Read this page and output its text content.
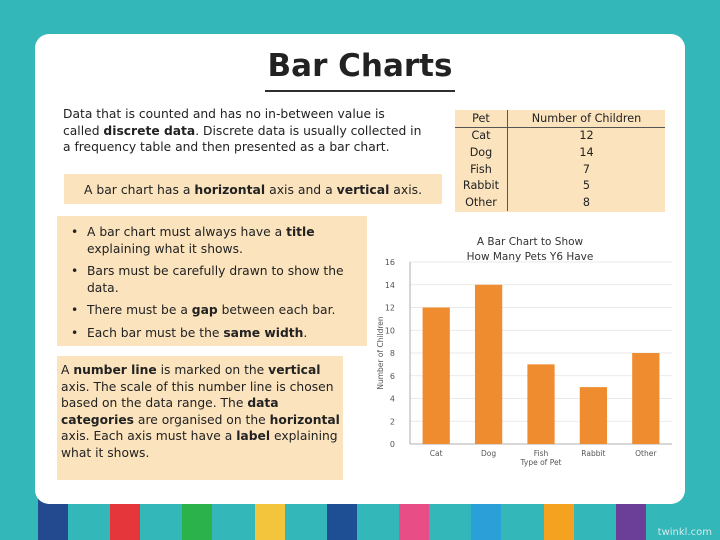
Bar Charts
Data that is counted and has no in-between value is called discrete data. Discrete data is usually collected in a frequency table and then presented as a bar chart.

A bar chart has a horizontal axis and a vertical axis.

• A bar chart must always have a title explaining what it shows.
• Bars must be carefully drawn to show the data.
• There must be a gap between each bar.
• Each bar must be the same width.

A number line is marked on the vertical axis. The scale of this number line is chosen based on the data range. The data categories are organised on the horizontal axis. Each axis must have a label explaining what it shows.

Pet	Number of Children
Cat	12
Dog	14
Fish	7
Rabbit	5
Other	8
0
2
4
6
8
10
12
14
16
Cat	Dog	Fish	Rabbit	Other
Type of Pet
Number of Children
A Bar Chart to Show
How Many Pets Y6 Have
twinkl.com
